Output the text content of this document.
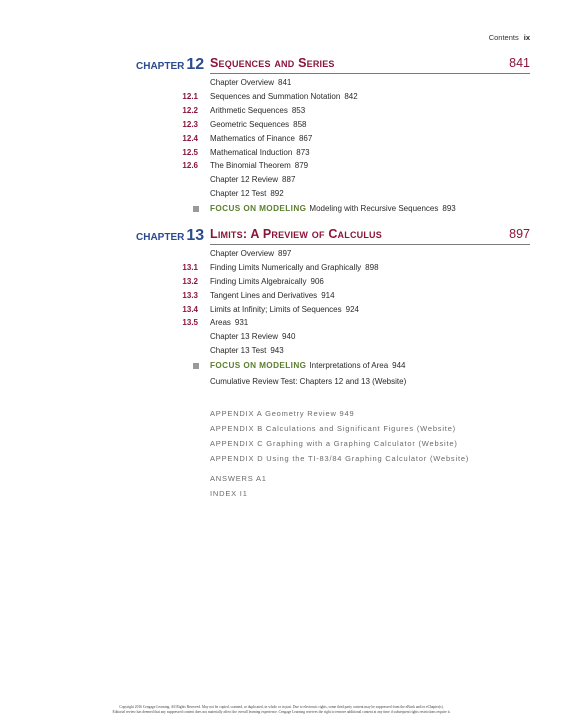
Contents ix
CHAPTER 12 Sequences and Series	841
Chapter Overview 841
12.1 Sequences and Summation Notation 842
12.2 Arithmetic Sequences 853
12.3 Geometric Sequences 858
12.4 Mathematics of Finance 867
12.5 Mathematical Induction 873
12.6 The Binomial Theorem 879
Chapter 12 Review 887
Chapter 12 Test 892
FOCUS ON MODELING Modeling with Recursive Sequences 893
CHAPTER 13 Limits: A Preview of Calculus	897
Chapter Overview 897
13.1 Finding Limits Numerically and Graphically 898
13.2 Finding Limits Algebraically 906
13.3 Tangent Lines and Derivatives 914
13.4 Limits at Infinity; Limits of Sequences 924
13.5 Areas 931
Chapter 13 Review 940
Chapter 13 Test 943
FOCUS ON MODELING Interpretations of Area 944
Cumulative Review Test: Chapters 12 and 13 (Website)
APPENDIX A Geometry Review 949
APPENDIX B Calculations and Significant Figures (Website)
APPENDIX C Graphing with a Graphing Calculator (Website)
APPENDIX D Using the TI-83/84 Graphing Calculator (Website)
ANSWERS A1
INDEX I1
Copyright 2016 Cengage Learning. All Rights Reserved. May not be copied, scanned, or duplicated, in whole or in part. Due to electronic rights, some third party content may be suppressed from the eBook and/or eChapter(s).
Editorial review has deemed that any suppressed content does not materially affect the overall learning experience. Cengage Learning reserves the right to remove additional content at any time if subsequent rights restrictions require it.
